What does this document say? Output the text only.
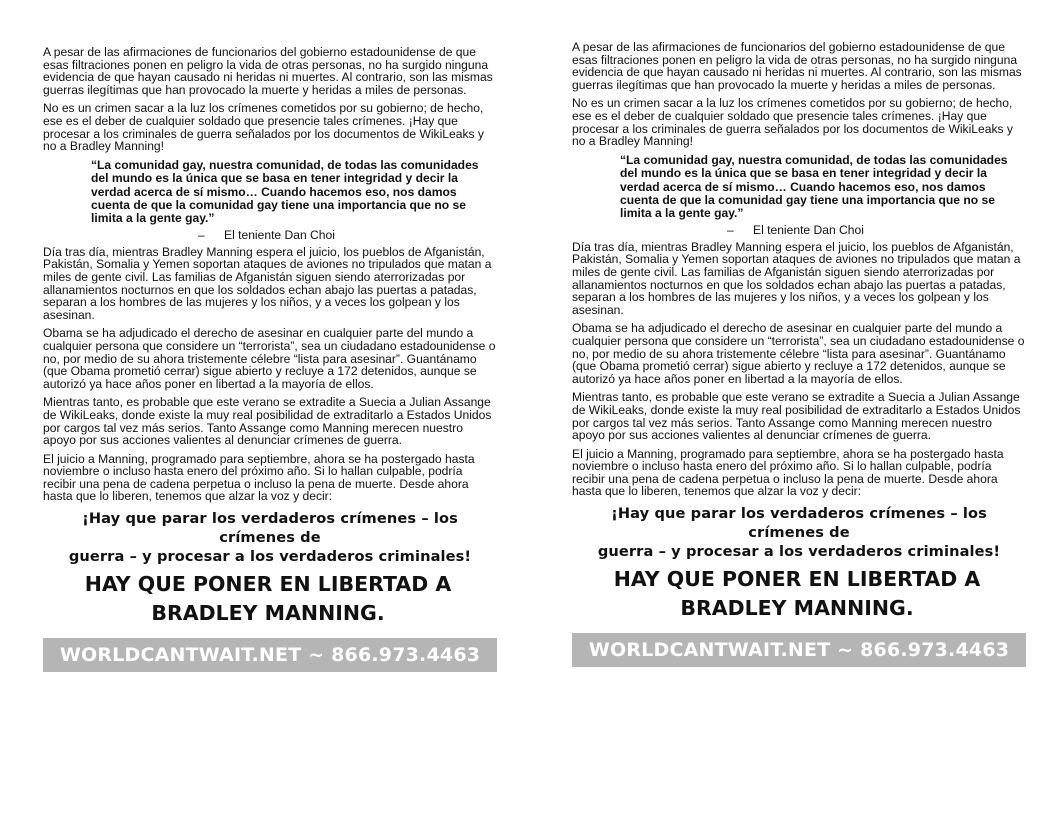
A pesar de las afirmaciones de funcionarios del gobierno estadounidense de que esas filtraciones ponen en peligro la vida de otras personas, no ha surgido ninguna evidencia de que hayan causado ni heridas ni muertes. Al contrario, son las mismas guerras ilegítimas que han provocado la muerte y heridas a miles de personas.

No es un crimen sacar a la luz los crímenes cometidos por su gobierno; de hecho, ese es el deber de cualquier soldado que presencie tales crímenes. ¡Hay que procesar a los criminales de guerra señalados por los documentos de WikiLeaks y no a Bradley Manning!

“La comunidad gay, nuestra comunidad, de todas las comunidades del mundo es la única que se basa en tener integridad y decir la verdad acerca de sí mismo… Cuando hacemos eso, nos damos cuenta de que la comunidad gay tiene una importancia que no se limita a la gente gay.”
– El teniente Dan Choi

Día tras día, mientras Bradley Manning espera el juicio, los pueblos de Afganistán, Pakistán, Somalia y Yemen soportan ataques de aviones no tripulados que matan a miles de gente civil. Las familias de Afganistán siguen siendo aterrorizadas por allanamientos nocturnos en que los soldados echan abajo las puertas a patadas, separan a los hombres de las mujeres y los niños, y a veces los golpean y los asesinan.

Obama se ha adjudicado el derecho de asesinar en cualquier parte del mundo a cualquier persona que considere un “terrorista”, sea un ciudadano estadounidense o no, por medio de su ahora tristemente célebre “lista para asesinar”. Guantánamo (que Obama prometió cerrar) sigue abierto y recluye a 172 detenidos, aunque se autorizó ya hace años poner en libertad a la mayoría de ellos.

Mientras tanto, es probable que este verano se extradite a Suecia a Julian Assange de WikiLeaks, donde existe la muy real posibilidad de extraditarlo a Estados Unidos por cargos tal vez más serios. Tanto Assange como Manning merecen nuestro apoyo por sus acciones valientes al denunciar crímenes de guerra.

El juicio a Manning, programado para septiembre, ahora se ha postergado hasta noviembre o incluso hasta enero del próximo año. Si lo hallan culpable, podría recibir una pena de cadena perpetua o incluso la pena de muerte. Desde ahora hasta que lo liberen, tenemos que alzar la voz y decir:

¡Hay que parar los verdaderos crímenes – los crímenes de
guerra – y procesar a los verdaderos criminales!
HAY QUE PONER EN LIBERTAD A
BRADLEY MANNING.
WORLDCANTWAIT.NET ~ 866.973.4463

A pesar de las afirmaciones de funcionarios del gobierno estadounidense de que esas filtraciones ponen en peligro la vida de otras personas, no ha surgido ninguna evidencia de que hayan causado ni heridas ni muertes. Al contrario, son las mismas guerras ilegítimas que han provocado la muerte y heridas a miles de personas.

No es un crimen sacar a la luz los crímenes cometidos por su gobierno; de hecho, ese es el deber de cualquier soldado que presencie tales crímenes. ¡Hay que procesar a los criminales de guerra señalados por los documentos de WikiLeaks y no a Bradley Manning!

“La comunidad gay, nuestra comunidad, de todas las comunidades del mundo es la única que se basa en tener integridad y decir la verdad acerca de sí mismo… Cuando hacemos eso, nos damos cuenta de que la comunidad gay tiene una importancia que no se limita a la gente gay.”
– El teniente Dan Choi

Día tras día, mientras Bradley Manning espera el juicio, los pueblos de Afganistán, Pakistán, Somalia y Yemen soportan ataques de aviones no tripulados que matan a miles de gente civil. Las familias de Afganistán siguen siendo aterrorizadas por allanamientos nocturnos en que los soldados echan abajo las puertas a patadas, separan a los hombres de las mujeres y los niños, y a veces los golpean y los asesinan.

Obama se ha adjudicado el derecho de asesinar en cualquier parte del mundo a cualquier persona que considere un “terrorista”, sea un ciudadano estadounidense o no, por medio de su ahora tristemente célebre “lista para asesinar”. Guantánamo (que Obama prometió cerrar) sigue abierto y recluye a 172 detenidos, aunque se autorizó ya hace años poner en libertad a la mayoría de ellos.

Mientras tanto, es probable que este verano se extradite a Suecia a Julian Assange de WikiLeaks, donde existe la muy real posibilidad de extraditarlo a Estados Unidos por cargos tal vez más serios. Tanto Assange como Manning merecen nuestro apoyo por sus acciones valientes al denunciar crímenes de guerra.

El juicio a Manning, programado para septiembre, ahora se ha postergado hasta noviembre o incluso hasta enero del próximo año. Si lo hallan culpable, podría recibir una pena de cadena perpetua o incluso la pena de muerte. Desde ahora hasta que lo liberen, tenemos que alzar la voz y decir:

¡Hay que parar los verdaderos crímenes – los crímenes de
guerra – y procesar a los verdaderos criminales!
HAY QUE PONER EN LIBERTAD A
BRADLEY MANNING.
WORLDCANTWAIT.NET ~ 866.973.4463
